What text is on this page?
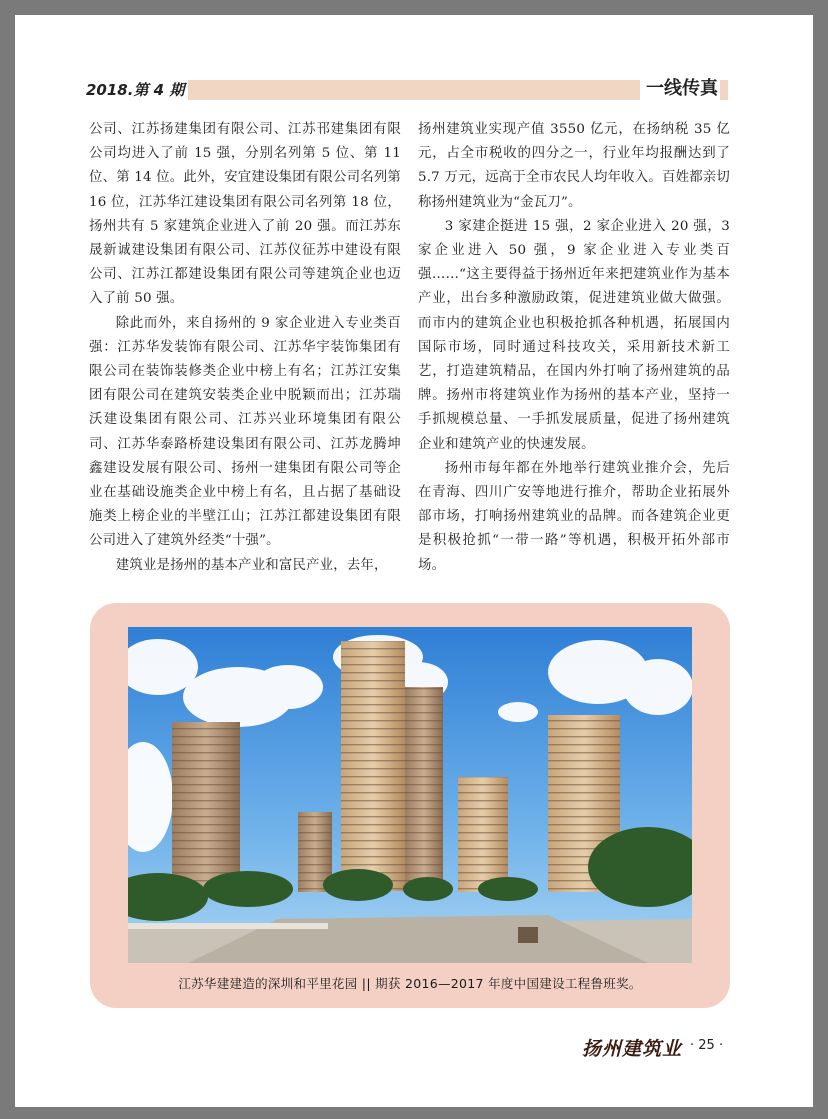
2018.第 4 期	一线传真

公司、江苏扬建集团有限公司、江苏邗建集团有限公司均进入了前 15 强，分别名列第 5 位、第 11 位、第 14 位。此外，安宜建设集团有限公司名列第 16 位，江苏华江建设集团有限公司名列第 18 位，扬州共有 5 家建筑企业进入了前 20 强。而江苏东晟新诚建设集团有限公司、江苏仪征苏中建设有限公司、江苏江都建设集团有限公司等建筑企业也迈入了前 50 强。

除此而外，来自扬州的 9 家企业进入专业类百强：江苏华发装饰有限公司、江苏华宇装饰集团有限公司在装饰装修类企业中榜上有名；江苏江安集团有限公司在建筑安装类企业中脱颖而出；江苏瑞沃建设集团有限公司、江苏兴业环境集团有限公司、江苏华泰路桥建设集团有限公司、江苏龙腾坤鑫建设发展有限公司、扬州一建集团有限公司等企业在基础设施类企业中榜上有名，且占据了基础设施类上榜企业的半壁江山；江苏江都建设集团有限公司进入了建筑外经类“十强”。

建筑业是扬州的基本产业和富民产业，去年，

扬州建筑业实现产值 3550 亿元，在扬纳税 35 亿元，占全市税收的四分之一，行业年均报酬达到了 5.7 万元，远高于全市农民人均年收入。百姓都亲切称扬州建筑业为“金瓦刀”。

3 家建企挺进 15 强，2 家企业进入 20 强，3 家企业进入 50 强，9 家企业进入专业类百强……“这主要得益于扬州近年来把建筑业作为基本产业，出台多种激励政策，促进建筑业做大做强。而市内的建筑企业也积极抢抓各种机遇，拓展国内国际市场，同时通过科技攻关，采用新技术新工艺，打造建筑精品，在国内外打响了扬州建筑的品牌。扬州市将建筑业作为扬州的基本产业，坚持一手抓规模总量、一手抓发展质量，促进了扬州建筑企业和建筑产业的快速发展。

扬州市每年都在外地举行建筑业推介会，先后在青海、四川广安等地进行推介，帮助企业拓展外部市场，打响扬州建筑业的品牌。而各建筑企业更是积极抢抓“一带一路”等机遇，积极开拓外部市场。

江苏华建建造的深圳和平里花园 || 期获 2016—2017 年度中国建设工程鲁班奖。
扬州建筑业 · 25 ·
